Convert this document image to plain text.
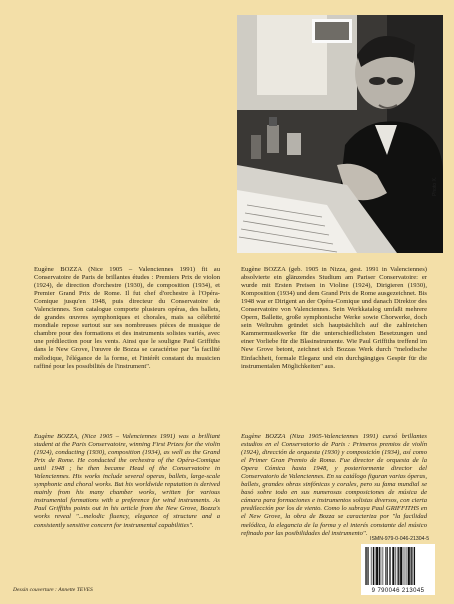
Photo X.
Eugène BOZZA (Nice 1905 – Valenciennes 1991) fit au Conservatoire de Paris de brillantes études : Premiers Prix de violon (1924), de direction d'orchestre (1930), de composition (1934), et Premier Grand Prix de Rome. Il fut chef d'orchestre à l'Opéra-Comique jusqu'en 1948, puis directeur du Conservatoire de Valenciennes. Son catalogue comporte plusieurs opéras, des ballets, de grandes œuvres symphoniques et chorales, mais sa célébrité mondiale repose surtout sur ses nombreuses pièces de musique de chambre pour des formations et des instruments solistes variés, avec une prédilection pour les vents. Ainsi que le souligne Paul Griffiths dans le New Grove, l'œuvre de Bozza se caractérise par "la facilité mélodique, l'élégance de la forme, et l'intérêt constant du musicien raffiné pour les possibilités de l'instrument".
Eugène BOZZA (geb. 1905 in Nizza, gest. 1991 in Valenciennes) absolvierte ein glänzendes Studium am Pariser Conservatoire: er wurde mit Ersten Preisen in Violine (1924), Dirigieren (1930), Komposition (1934) und dem Grand Prix de Rome ausgezeichnet. Bis 1948 war er Dirigent an der Opéra-Comique und danach Direktor des Conservatoire von Valenciennes. Sein Werkkatalog umfaßt mehrere Opern, Ballette, große symphonische Werke sowie Chorwerke, doch sein Weltruhm gründet sich hauptsächlich auf die zahlreichen Kammermusikwerke für die unterschiedlichsten Besetzungen und einer Vorliebe für die Blasinstrumente. Wie Paul Griffiths treffend im New Grove betont, zeichnet sich Bozzas Werk durch "melodische Einfachheit, formale Eleganz und ein durchgängiges Gespür für die instrumentalen Möglichkeiten" aus.
Eugène BOZZA, (Nice 1905 – Valenciennes 1991) was a brilliant student at the Paris Conservatoire, winning First Prizes for the violin (1924), conducting (1930), composition (1934), as well as the Grand Prix de Rome. He conducted the orchestra of the Opéra-Comique until 1948 ; he then became Head of the Conservatoire in Valenciennes. His works include several operas, ballets, large-scale symphonic and choral works. But his worldwide reputation is derived mainly from his many chamber works, written for various instrumental formations with a preference for wind instruments. As Paul Griffiths points out in his article from the New Grove, Bozza's works reveal "...melodic fluency, elegance of structure and a consistently sensitive concern for instrumental capabilities".
Eugène BOZZA (Niza 1905-Valenciennes 1991) cursó brillantes estudios en el Conservatorio de Paris : Primeros premios de violín (1924), dirección de orquesta (1930) y composición (1934), así como el Primer Gran Premio de Roma. Fue director de orquesta de la Opera Cómica hasta 1948, y posteriormente director del Conservatorio de Valenciennes. En su catálogo figuran varias óperas, ballets, grandes obras sinfónicas y corales, pero su fama mundial se basó sobre todo en sus numerosas composiciones de música de cámara para formaciones e instrumentos solistas diversos, con cierta predilección por los de viento. Como lo subraya Paul GRIFFITHS en el New Grove, la obra de Bozza se caracteriza por "la facilidad melódica, la elegancia de la forma y el interés constante del músico refinado por las posibilidades del instrumento".
ISMN-979-0-046-21304-5
9 790046 213045
Dessin couverture : Annette TEVES
